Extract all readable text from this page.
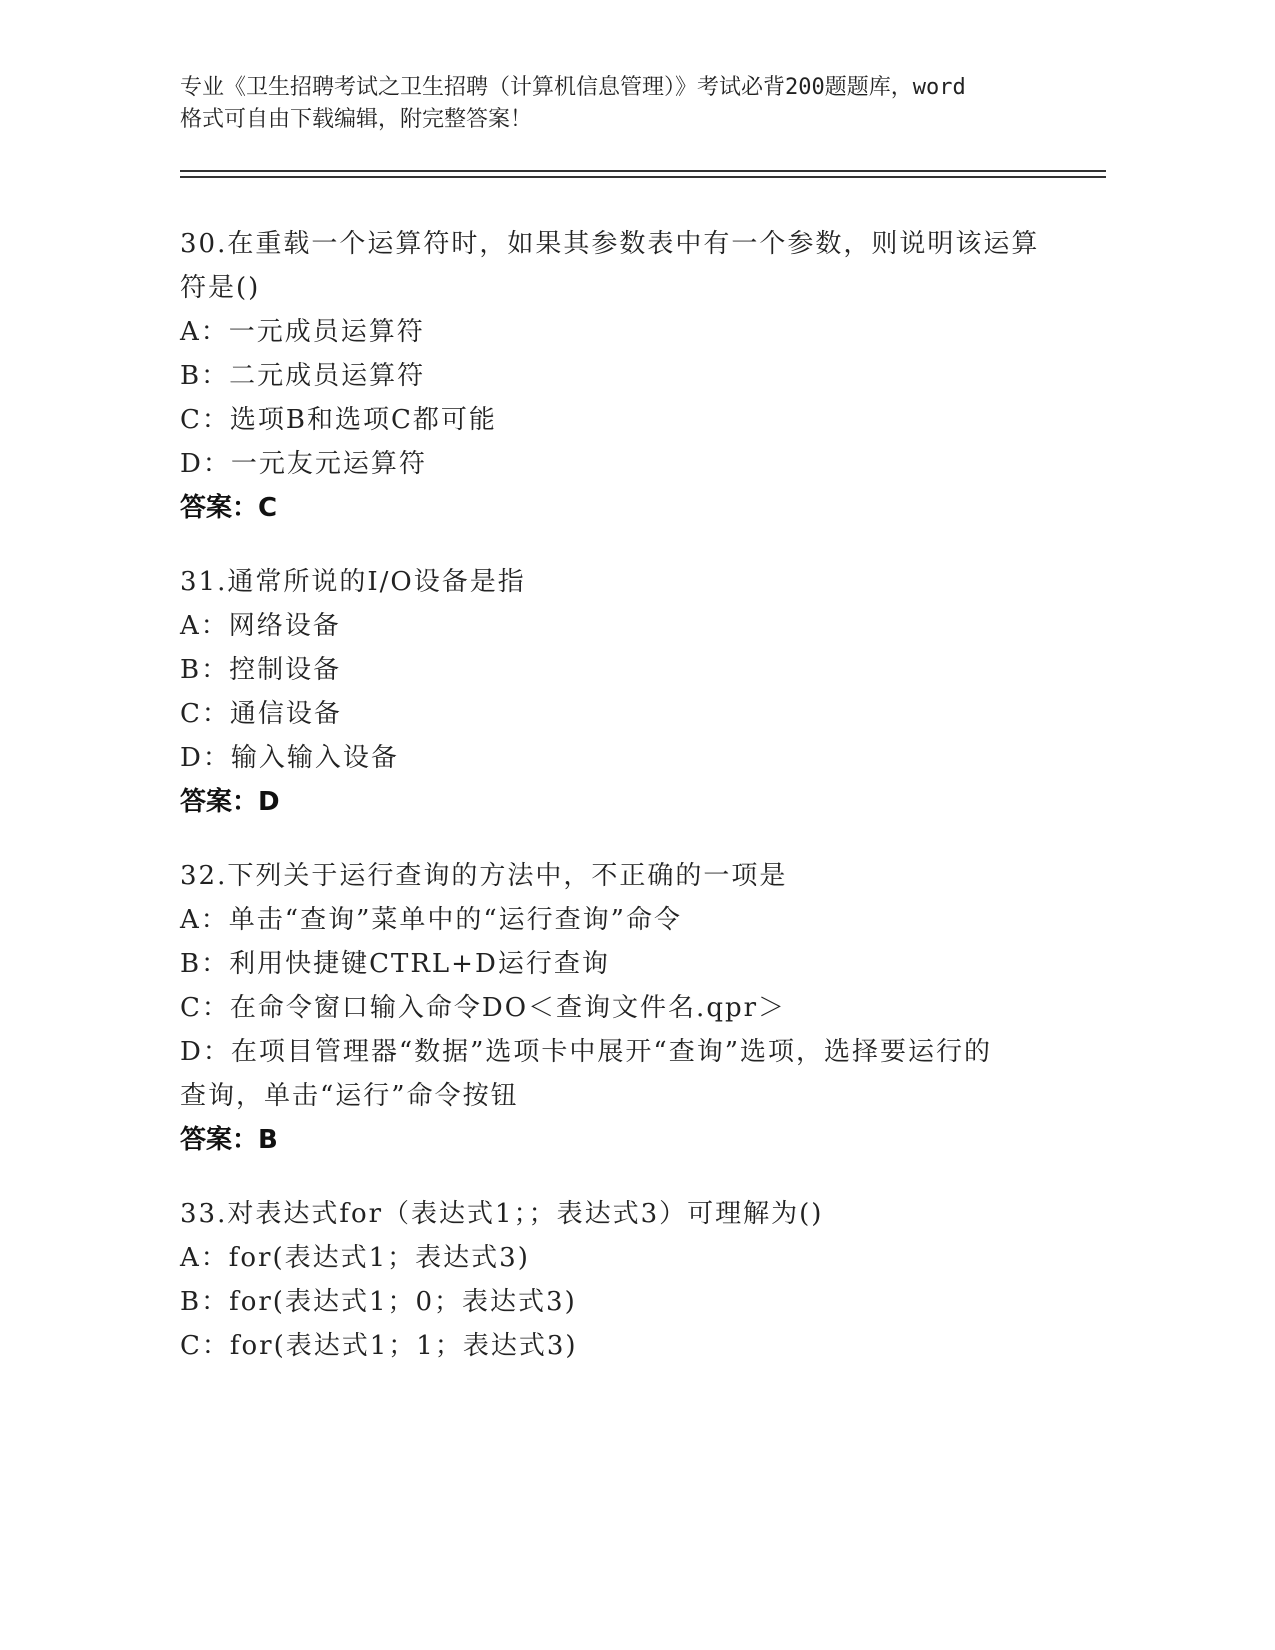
专业《卫生招聘考试之卫生招聘（计算机信息管理）》考试必背200题题库，word
格式可自由下载编辑，附完整答案！
30.在重载一个运算符时，如果其参数表中有一个参数，则说明该运算
符是()
A：一元成员运算符
B：二元成员运算符
C：选项B和选项C都可能
D：一元友元运算符
答案：C
31.通常所说的I/O设备是指
A：网络设备
B：控制设备
C：通信设备
D：输入输入设备
答案：D
32.下列关于运行查询的方法中，不正确的一项是
A：单击“查询”菜单中的“运行查询”命令
B：利用快捷键CTRL+D运行查询
C：在命令窗口输入命令DO＜查询文件名.qpr＞
D：在项目管理器“数据”选项卡中展开“查询”选项，选择要运行的
查询，单击“运行”命令按钮
答案：B
33.对表达式for（表达式1；；表达式3）可理解为()
A：for(表达式1；表达式3)
B：for(表达式1；0；表达式3)
C：for(表达式1；1；表达式3)
